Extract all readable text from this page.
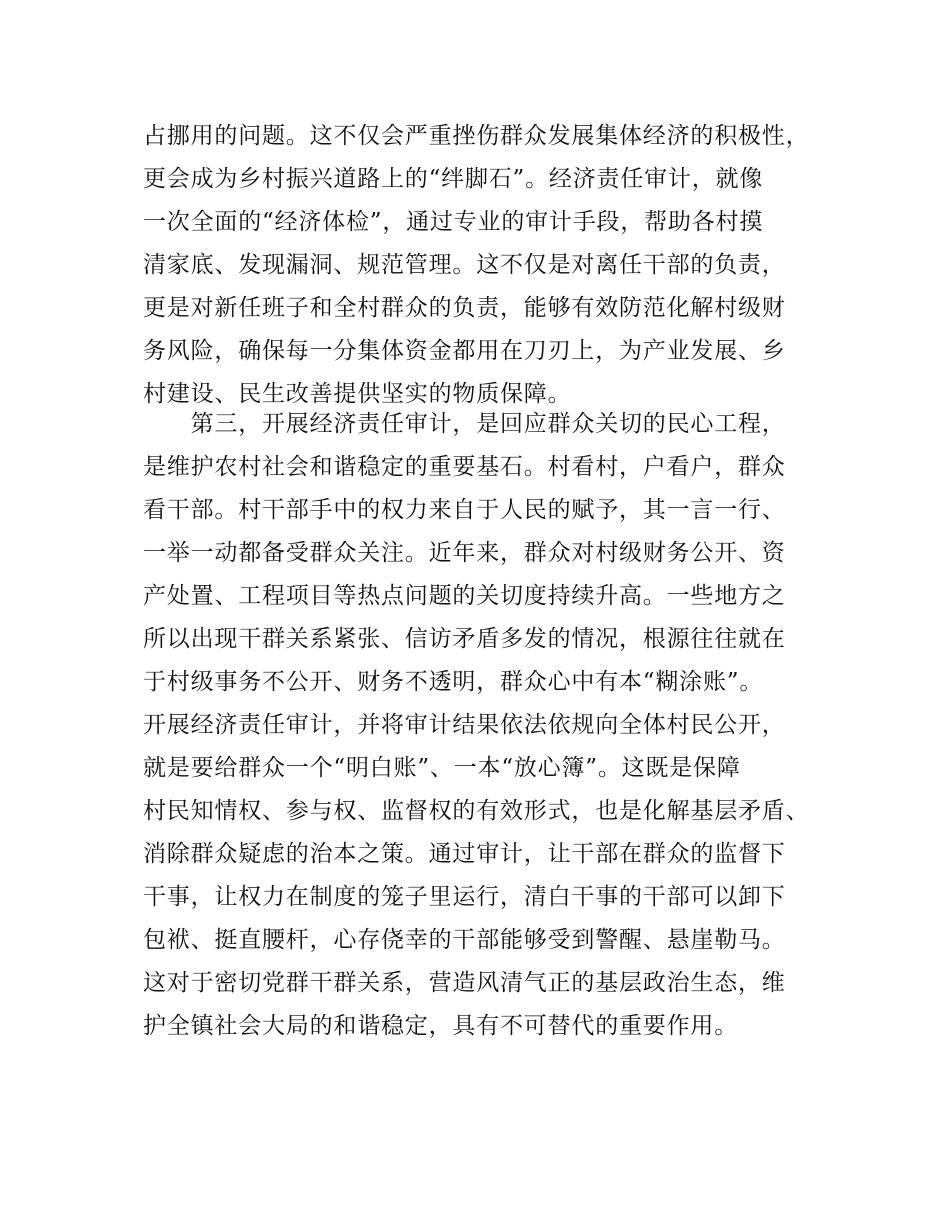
占挪用的问题。这不仅会严重挫伤群众发展集体经济的积极性，
更会成为乡村振兴道路上的“绊脚石”。经济责任审计，就像
一次全面的“经济体检”，通过专业的审计手段，帮助各村摸
清家底、发现漏洞、规范管理。这不仅是对离任干部的负责，
更是对新任班子和全村群众的负责，能够有效防范化解村级财
务风险，确保每一分集体资金都用在刀刃上，为产业发展、乡
村建设、民生改善提供坚实的物质保障。
　　第三，开展经济责任审计，是回应群众关切的民心工程，
是维护农村社会和谐稳定的重要基石。村看村，户看户，群众
看干部。村干部手中的权力来自于人民的赋予，其一言一行、
一举一动都备受群众关注。近年来，群众对村级财务公开、资
产处置、工程项目等热点问题的关切度持续升高。一些地方之
所以出现干群关系紧张、信访矛盾多发的情况，根源往往就在
于村级事务不公开、财务不透明，群众心中有本“糊涂账”。
开展经济责任审计，并将审计结果依法依规向全体村民公开，
就是要给群众一个“明白账”、一本“放心簿”。这既是保障
村民知情权、参与权、监督权的有效形式，也是化解基层矛盾、
消除群众疑虑的治本之策。通过审计，让干部在群众的监督下
干事，让权力在制度的笼子里运行，清白干事的干部可以卸下
包袱、挺直腰杆，心存侥幸的干部能够受到警醒、悬崖勒马。
这对于密切党群干群关系，营造风清气正的基层政治生态，维
护全镇社会大局的和谐稳定，具有不可替代的重要作用。
